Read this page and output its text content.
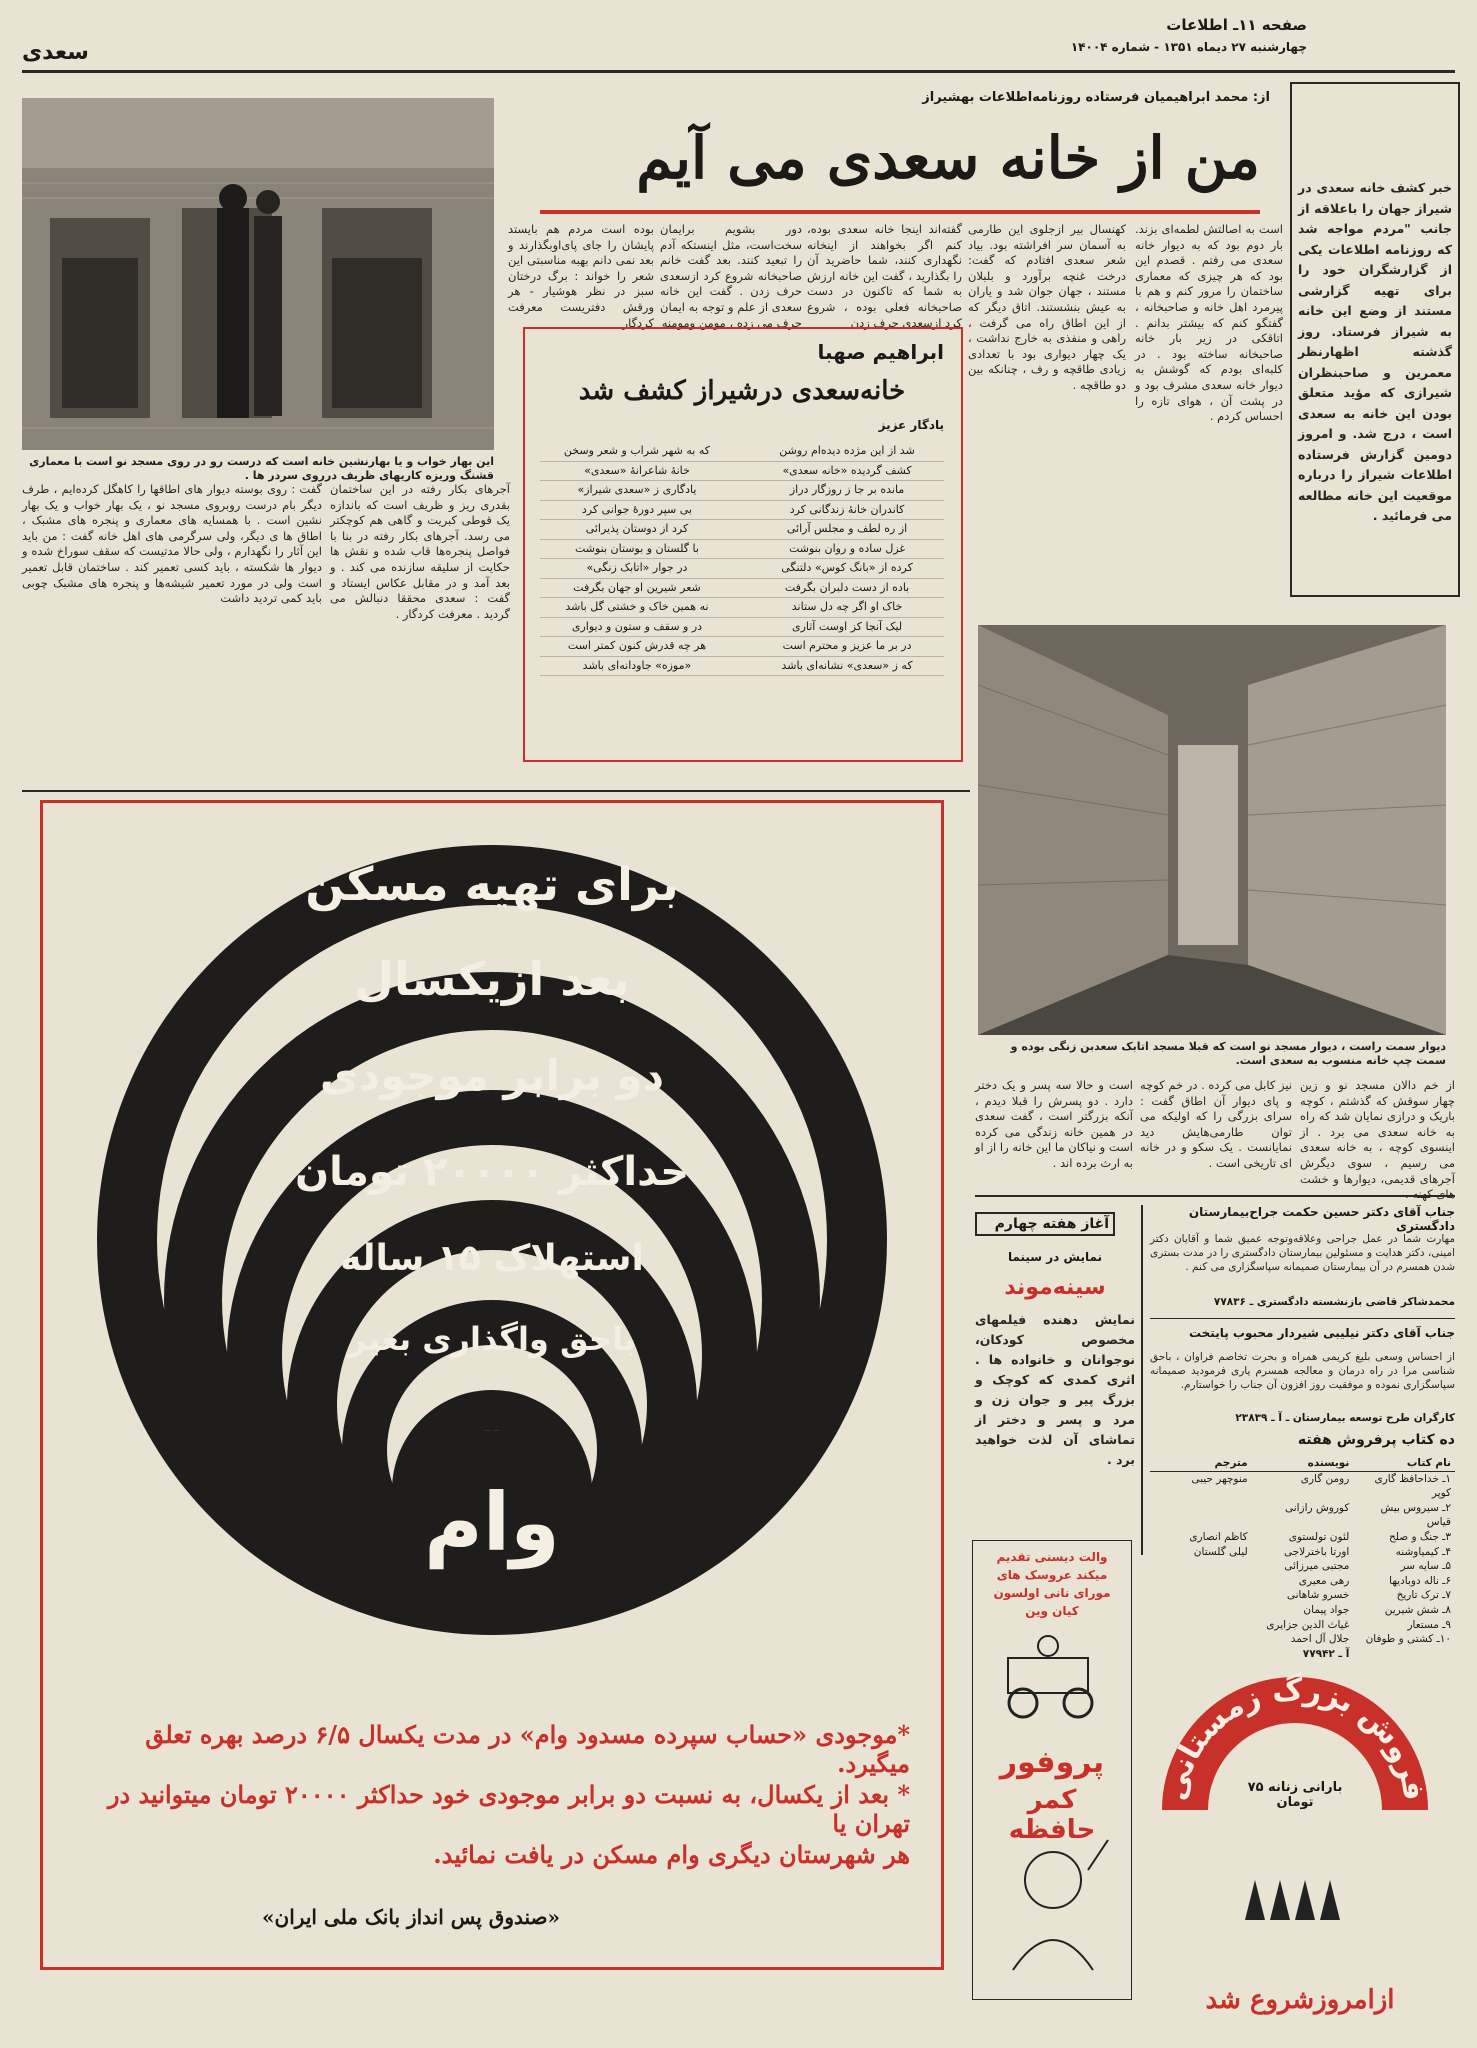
صفحه ۱۱ـ اطلاعات
چهارشنبه ۲۷ دیماه ۱۳۵۱ - شماره ۱۴۰۰۴
سعدی
خبر کشف خانه سعدی در شیراز جهان را باعلاقه از جانب "مردم مواجه شد که روزنامه اطلاعات یکی از گزارشگران خود را برای تهیه گزارشی مستند از وضع این خانه به شیراز فرستاد. روز گذشته اظهارنظر معمرین و صاحبنظران شیرازی که مؤید متعلق بودن این خانه به سعدی است ، درج شد. و امروز دومین گزارش فرستاده اطلاعات شیراز را درباره موقعیت این خانه مطالعه می فرمائید .
این بهار خواب و یا بهارنشین خانه است که درست رو در روی مسجد نو است با معماری قشنگ وریزه کاریهای ظریف درروی سردر ها .
از: محمد ابراهیمیان فرستاده روزنامه‌اطلاعات بهشیراز
من از خانه سعدی می آیم
است به اصالتش لطمه‌ای بزند. بار دوم بود که به دیوار خانه سعدی می رفتم . قصدم این بود که هر چیزی که معماری ساختمان را مرور کنم و هم با پیرمرد اهل خانه و صاحبخانه ، گفتگو کنم که بیشتر بدانم . اتاقکی در زیر بار خانه صاحبخانه ساخته بود . در کلبه‌ای بودم که گوشش به دیوار خانه سعدی مشرف بود و در پشت آن ، هوای تازه را احساس کردم .
کهنسال بیر ازجلوی این طارمی به آسمان سر افراشته بود. بیاد شعر سعدی افتادم که گفت: درخت غنچه برآورد و بلبلان مستند ، جهان جوان شد و یاران به عیش بنشستند. اتاق دیگر که از این اطاق راه می گرفت ، راهی و منفذی به خارج نداشت ، یک چهار دیواری بود با تعدادی زیادی طاقچه و رف ، چنانکه بین دو طاقچه .
گفته‌اند اینجا خانه سعدی بوده، کنم اگر بخواهند از اینخانه نگهداری کنند، شما حاضرید آن را بگذارید ، گفت این خانه ارزش به شما که تاکنون در دست صاحبخانه فعلی بوده ، شروع کرد ازسعدی حرف زدن
دور بشویم برایمان سخت‌است، مثل اینستکه آدم را تبعید کنند. بعد گفت خانم صاحبخانه شروع کرد ازسعدی حرف زدن . گفت این خانه سعدی از علم و توجه به ایمان حرف می زده ، مومن ومومنه
بوده است مردم هم بایستد پایشان را جای پای‌اوبگذارند و بعد نمی دانم بهبه مناسبتی این شعر را خواند : برگ درختان سبز در نظر هوشیار - هر ورقش دفتریست معرفت کردگار
ابراهیم صهبا
خانه‌سعدی درشیراز کشف شد
یادگار عزیز
شد از این مژده دیده‌ام روشن
که به شهر شراب و شعر وسخن
کشف گردیده «خانه سعدی»
خانهٔ شاعرانهٔ «سعدی»
مانده بر جا ز روزگار دراز
یادگاری ز «سعدی شیراز»
کاندران خانهٔ زندگانی کرد
بی سپر دورهٔ جوانی کرد
از ره لطف و مجلس آرائی
کرد از دوستان پذیرائی
غزل ساده و روان بنوشت
با گلستان و بوستان بنوشت
کرده از «بانگ کوس» دلتنگی
در جوار «اتابک زنگی»
باده از دست دلبران بگرفت
شعر شیرین او جهان بگرفت
خاک او اگر چه دل ستاند
نه همین خاک و خشتی گل باشد
لیک آنجا کز اوست آثاری
در و سقف و ستون و دیواری
در بر ما عزیز و محترم است
هر چه قدرش کنون کمتر است
که ز «سعدی» نشانه‌ای باشد
«موزه» جاودانه‌ای باشد
آجرهای بکار رفته در این ساختمان بقدری ریز و ظریف است که باندازه یک قوطی کبریت و گاهی هم کوچکتر می رسد. آجرهای بکار رفته در بنا با فواصل پنجره‌ها قاب شده و نقش ها حکایت از سلیقه سازنده می کند . و بعد آمد و در مقابل عکاس ایستاد و گفت : سعدی محققا دنبالش می گردید . معرفت کردگار .
گفت : روی بوسته دیوار های اطاقها را کاهگل کرده‌ایم ، طرف دیگر بام درست روبروی مسجد نو ، یک بهار خواب و یک بهار نشین است . با همسایه های معماری و پنجره های مشبک ، اطاق ها ی دیگر، ولی سرگرمی های اهل خانه گفت : من باید این آثار را نگهدارم ، ولی حالا مدتیست که سقف سوراخ شده و دیوار ها شکسته ، باید کسی تعمیر کند . ساختمان قابل تعمیر است ولی در مورد تعمیر شیشه‌ها و پنجره های مشبک چوبی باید کمی تردید داشت
دیوار سمت راست ، دیوار مسجد نو است که قبلا مسجد اتابک سعدبن زنگی بوده و سمت چپ خانه منسوب به سعدی است.
از خم دالان مسجد نو و زین چهار سوقش که گذشتم ، کوچه باریک و درازی نمایان شد که راه به خانه سعدی می برد . از اینسوی کوچه ، به خانه سعدی می رسیم ، سوی دیگرش آجرهای قدیمی، دیوارها و خشت
نیز کابل می کرده . در خم کوچه و پای دیوار آن اطاق گفت : سرای بزرگی را که اولیکه می توان طارمی‌هایش دید نمایانست . یک سکو و در خانه ای تاریخی است .
است و حالا سه پسر و یک دختر دارد . دو پسرش را قبلا دیدم ، آنکه بزرگتر است ، گفت سعدی در همین خانه زندگی می کرده است و نیاکان ما این خانه را از او به ارث برده اند .
برای تهیه مسکن
بعد ازیکسال
دو برابر موجودی
حداکثر ۲۰۰۰۰ تومان
استهلاک ۱۵ ساله
باحق واگذاری بغیر
وام
*موجودی «حساب سپرده مسدود وام» در مدت یکسال ۶/۵ درصد بهره تعلق میگیرد.
* بعد از یکسال، به نسبت دو برابر موجودی خود حداکثر ۲۰۰۰۰ تومان میتوانید در تهران یا
هر شهرستان دیگری وام مسکن در یافت نمائید.
«صندوق پس انداز بانک ملی ایران»
جناب آقای دکتر حسین حکمت جراح‌بیمارستان دادگستری
مهارت شما در عمل جراحی وعلاقه‌وتوجه عمیق شما و آقایان دکتر امینی، دکتر هدایت و مسئولین بیمارستان دادگستری را در مدت بستری شدن همسرم در آن بیمارستان صمیمانه سپاسگزاری می کنم .
محمدشاکر قاضی بازنشسته دادگستری ـ ۷۷۸۳۶
جناب آقای دکتر نیلیبی شیردار محبوب پایتخت
از احساس وسعی بلیغ کریمی همراه و بحرت تخاصم فراوان ، باحق شناسی مرا در راه درمان و معالجه همسرم یاری فرمودید صمیمانه سپاسگزاری نموده و موفقیت روز افزون آن جناب را خواستارم.
کارگران طرح توسعه بیمارستان ـ آ ـ ۲۳۸۳۹
آغاز هفته چهارم
نمایش در سینما
سینه‌موند
نمایش دهنده فیلمهای مخصوص کودکان، نوجوانان و خانواده ها . اثری کمدی که کوچک و بزرگ پیر و جوان زن و مرد و پسر و دختر از تماشای آن لذت خواهید برد .
ده کتاب پرفروش هفته
نام کتاب
نویسنده
مترجم
۱ـ خداحافظ گاری کوپر
رومن گاری
منوچهر حیبی
۲ـ سیروس بیش قیاس
کوروش رازانی
۳ـ جنگ و صلح
لئون تولستوی
کاظم انصاری
۴ـ کیمیاوشنه
اورتا باخترلاجی
لیلی گلستان
۵ـ سایه سر
مجتبی میرزائی
۶ـ ناله دوبادیها
رهی معیری
۷ـ ترک تاریخ
خسرو شاهانی
۸ـ شش شیرین
جواد پیمان
۹ـ مستعار
غیاث الدین جزایری
۱۰ـ کشتی و طوفان
جلال آل احمد
آ ـ ۷۷۹۴۲
والت دیسنی تقدیم میکند عروسک های مورای نانی اولسون کیان وین
پروفور
کمر حافظه
فروش بزرگ زمستانی
بارانی زنانه ۷۵ تومان
ازامروزشروع شد
